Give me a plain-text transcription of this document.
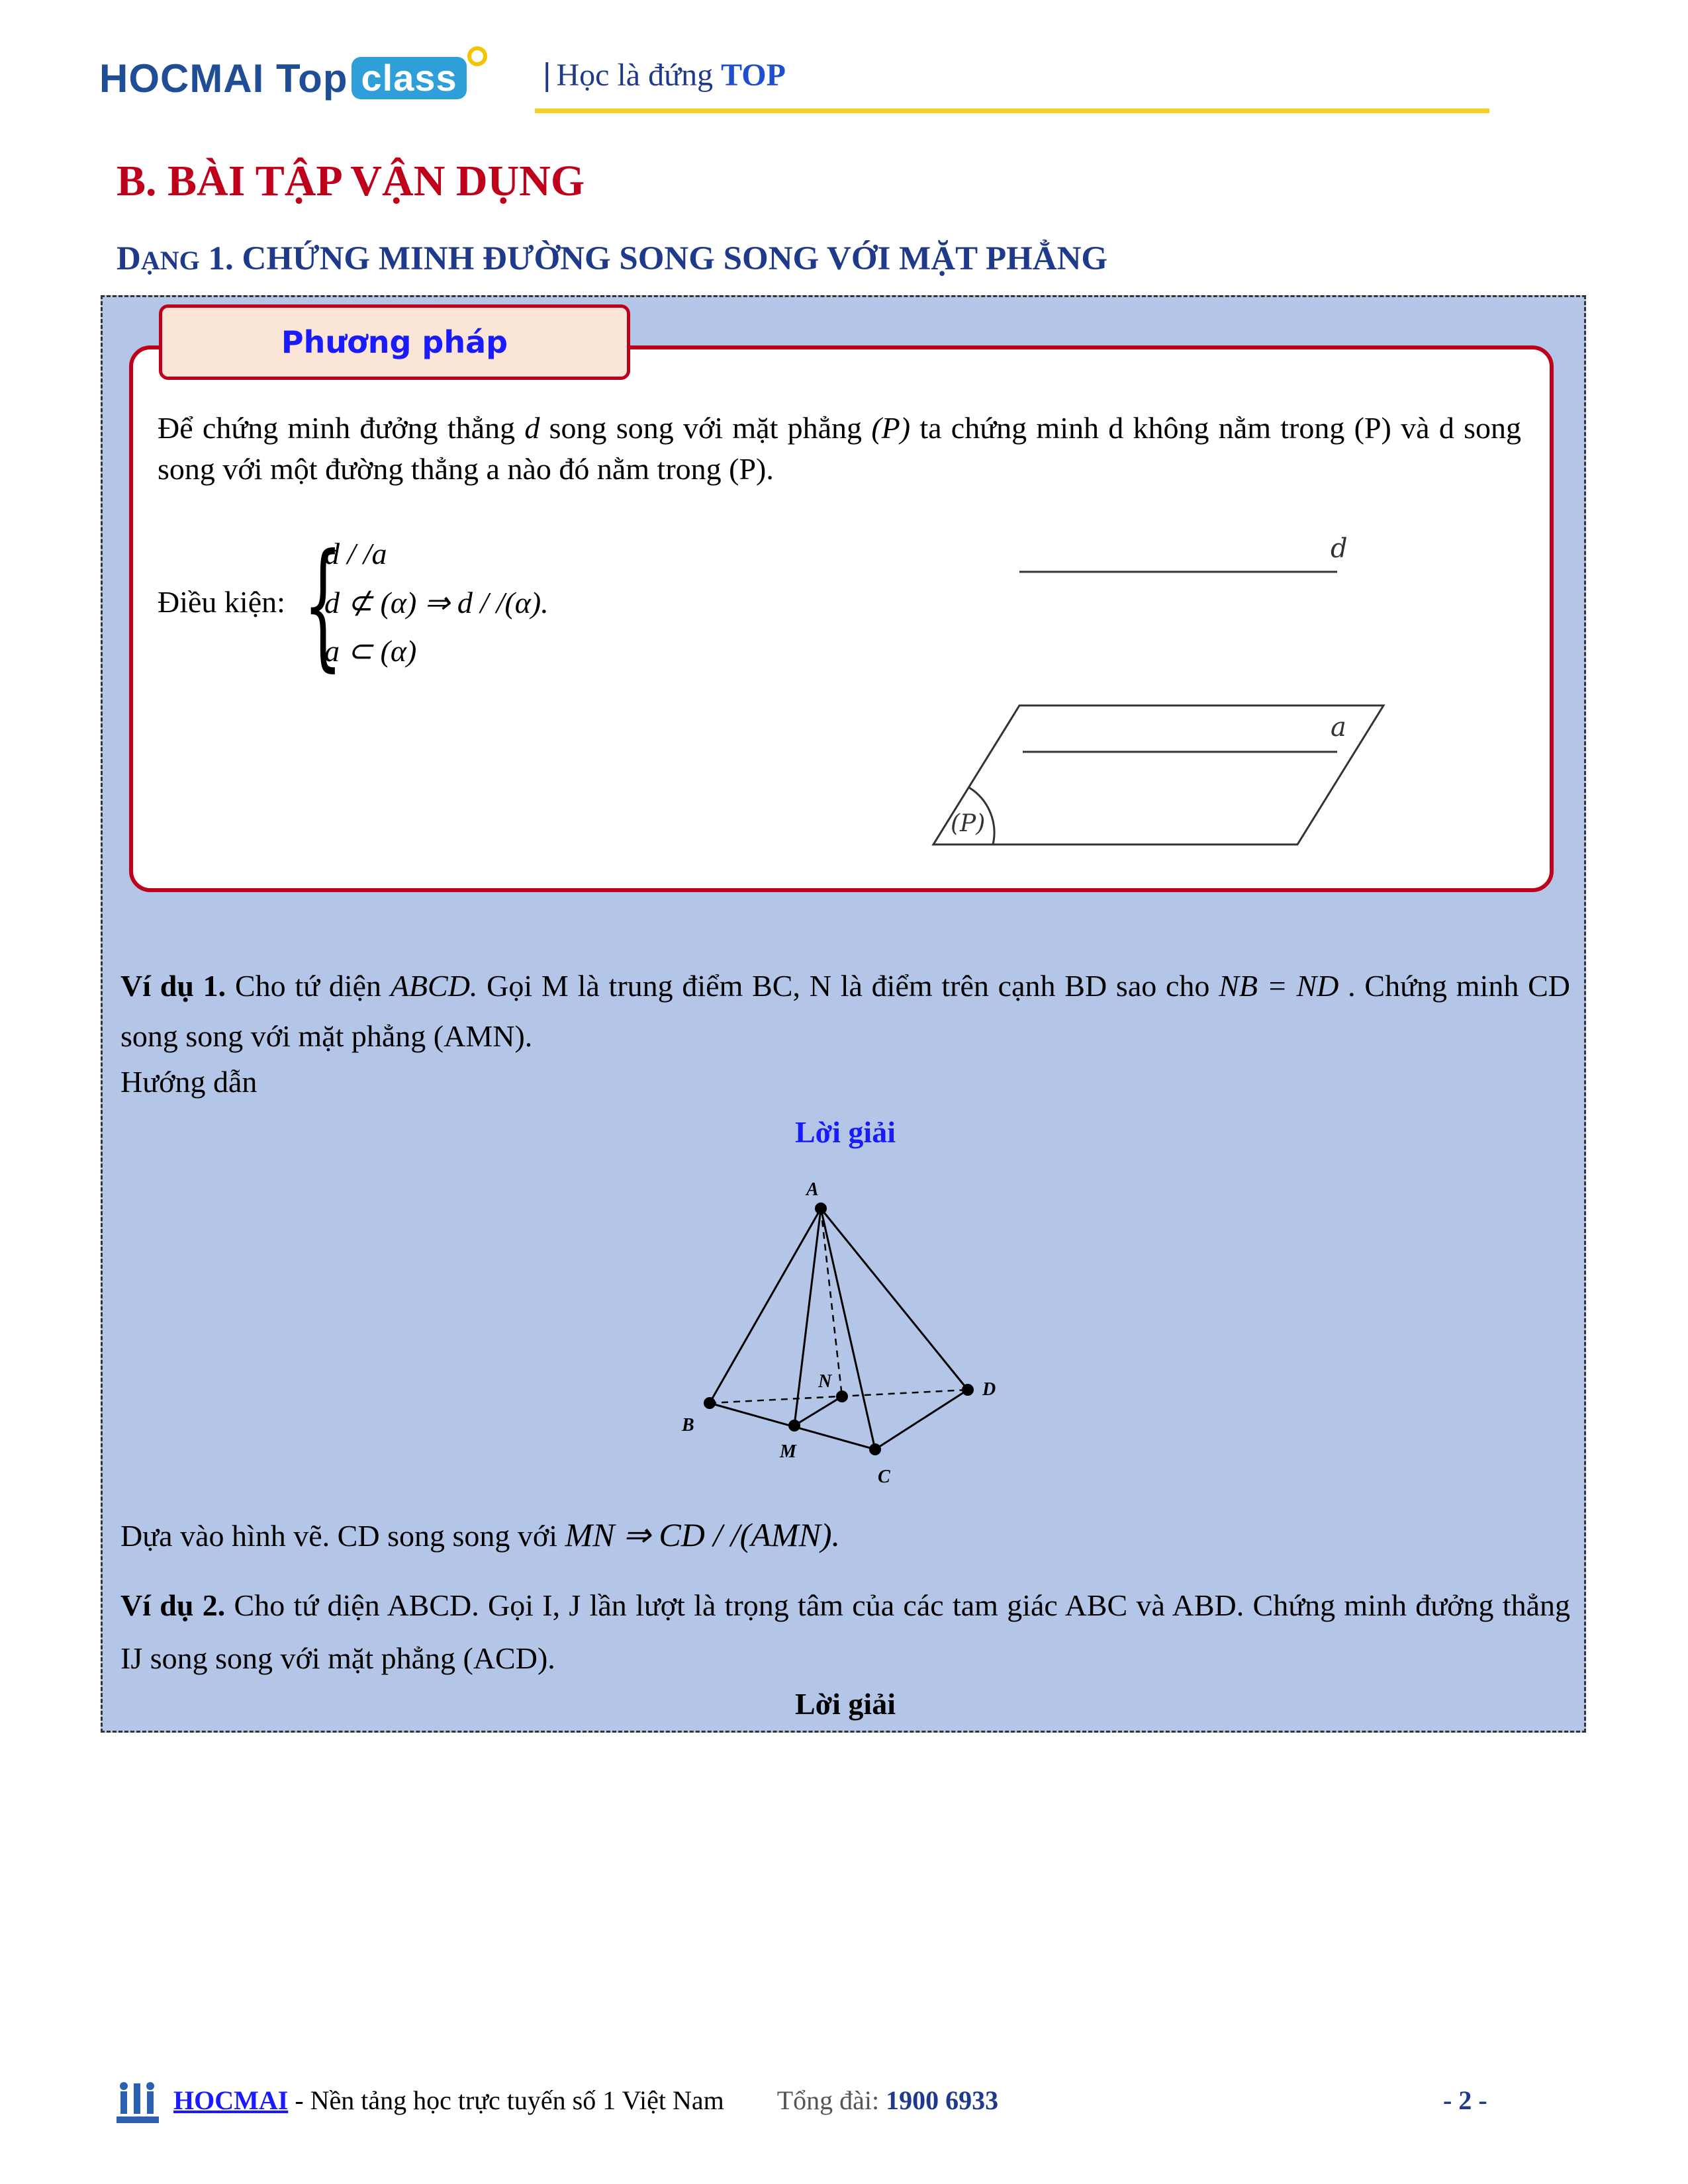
HOCMAI Top class	| Học là đứng TOP
B. BÀI TẬP VẬN DỤNG
DẠNG 1. CHỨNG MINH ĐƯỜNG SONG SONG VỚI MẶT PHẲNG
Phương pháp
Để chứng minh đưởng thẳng d song song với mặt phẳng (P) ta chứng minh d không nằm trong (P) và d song song với một đường thẳng a nào đó nằm trong (P).
Điều kiện: {
d / /a
d ⊄ (α) ⇒ d / /(α).
a ⊂ (α)
d
a
(P)
Ví dụ 1. Cho tứ diện ABCD. Gọi M là trung điểm BC, N là điểm trên cạnh BD sao cho NB = ND . Chứng minh CD song song với mặt phẳng (AMN).
Hướng dẫn
Lời giải
A
B
C
D
M
N
Dựa vào hình vẽ. CD song song với MN ⇒ CD / /(AMN).
Ví dụ 2. Cho tứ diện ABCD. Gọi I, J lần lượt là trọng tâm của các tam giác ABC và ABD. Chứng minh đưởng thẳng IJ song song với mặt phẳng (ACD).
Lời giải
HOCMAI - Nền tảng học trực tuyến số 1 Việt Nam Tổng đài: 1900 6933	- 2 -
